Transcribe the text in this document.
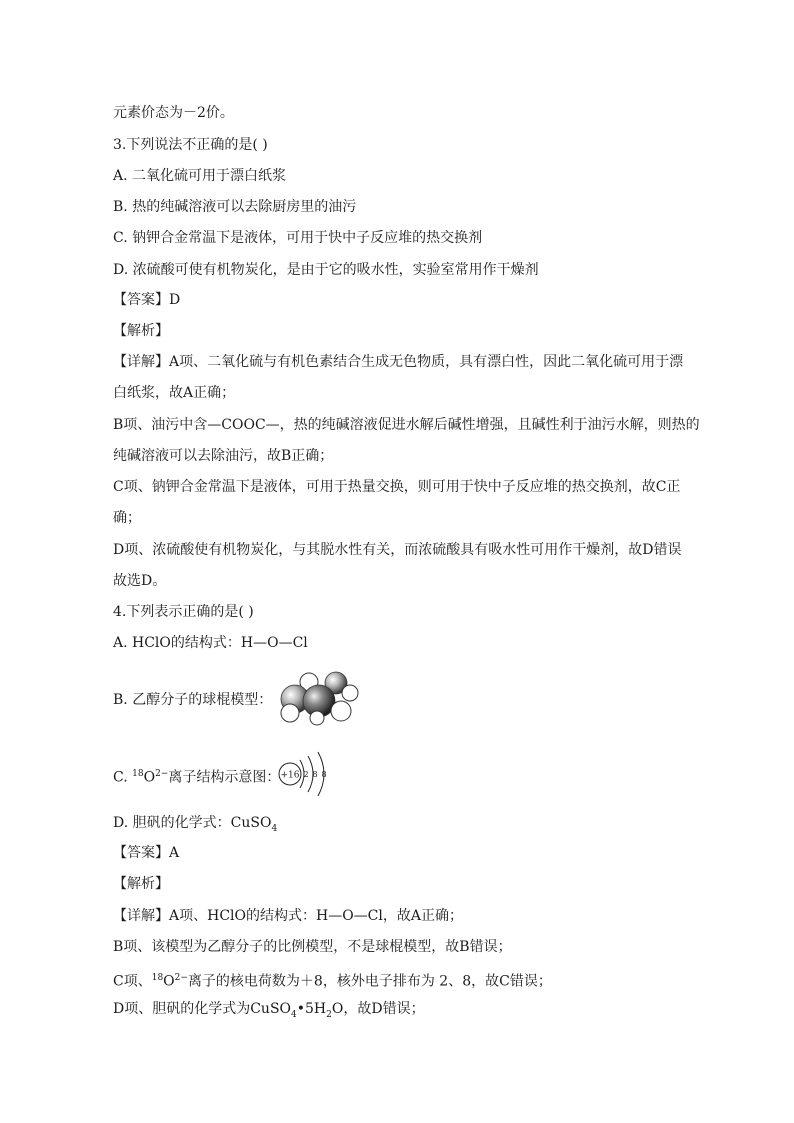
元素价态为－2价。
3.下列说法不正确的是( )
A. 二氧化硫可用于漂白纸浆
B. 热的纯碱溶液可以去除厨房里的油污
C. 钠钾合金常温下是液体，可用于快中子反应堆的热交换剂
D. 浓硫酸可使有机物炭化，是由于它的吸水性，实验室常用作干燥剂
【答案】D
【解析】
【详解】A项、二氧化硫与有机色素结合生成无色物质，具有漂白性，因此二氧化硫可用于漂
白纸浆，故A正确；
B项、油污中含—COOC—，热的纯碱溶液促进水解后碱性增强，且碱性利于油污水解，则热的
纯碱溶液可以去除油污，故B正确；
C项、钠钾合金常温下是液体，可用于热量交换，则可用于快中子反应堆的热交换剂，故C正
确；
D项、浓硫酸使有机物炭化，与其脱水性有关，而浓硫酸具有吸水性可用作干燥剂，故D错误
故选D。
4.下列表示正确的是( )
A. HClO的结构式：H—O—Cl
B. 乙醇分子的球棍模型：
C. $^{18}O^{2-}$离子结构示意图： +16 2 8 8
D. 胆矾的化学式：CuSO$_4$
【答案】A
【解析】
【详解】A项、HClO的结构式：H—O—Cl，故A正确；
B项、该模型为乙醇分子的比例模型，不是球棍模型，故B错误；
C项、$^{18}O^{2-}$离子的核电荷数为＋8，核外电子排布为 2、8，故C错误；
D项、胆矾的化学式为$CuSO_4•5H_2O$，故D错误；
